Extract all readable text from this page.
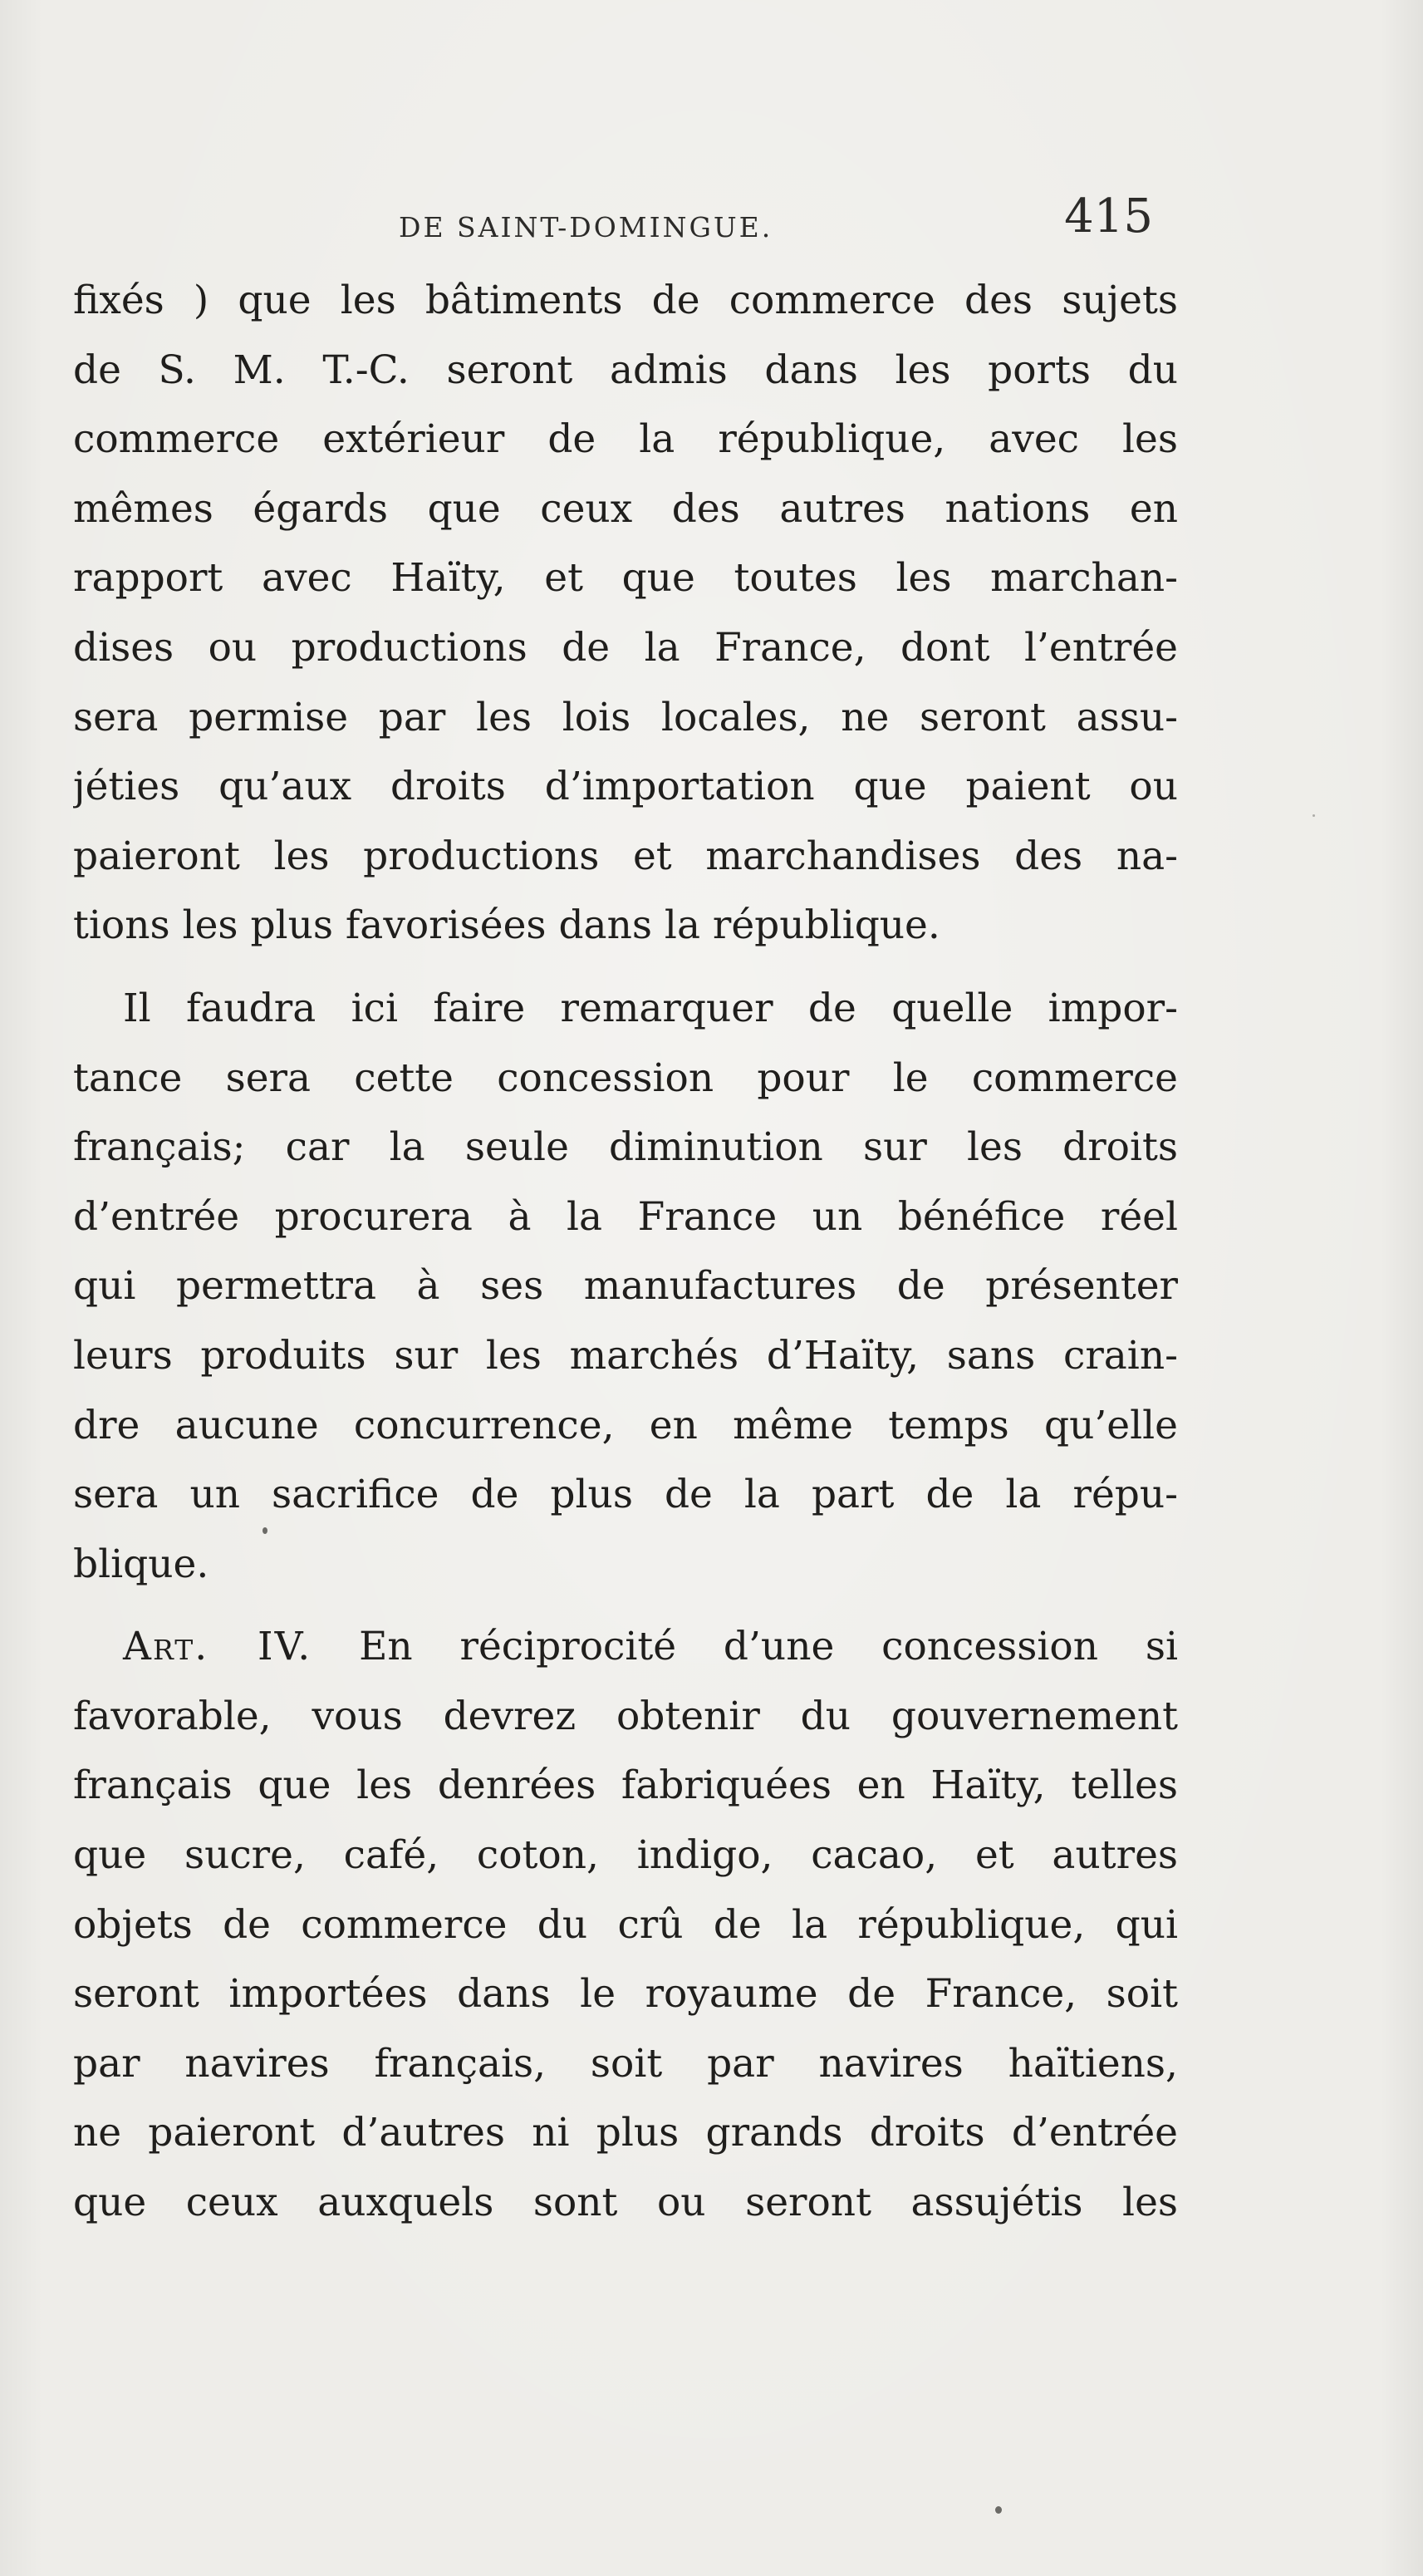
DE SAINT-DOMINGUE.	415
fixés ) que les bâtiments de commerce des sujets
de S. M. T.-C. seront admis dans les ports du
commerce extérieur de la république, avec les
mêmes égards que ceux des autres nations en
rapport avec Haïty, et que toutes les marchan-
dises ou productions de la France, dont l’entrée
sera permise par les lois locales, ne seront assu-
jéties qu’aux droits d’importation que paient ou
paieront les productions et marchandises des na-
tions les plus favorisées dans la république.
Il faudra ici faire remarquer de quelle impor-
tance sera cette concession pour le commerce
français; car la seule diminution sur les droits
d’entrée procurera à la France un bénéfice réel
qui permettra à ses manufactures de présenter
leurs produits sur les marchés d’Haïty, sans crain-
dre aucune concurrence, en même temps qu’elle
sera un sacrifice de plus de la part de la répu-
blique.
Art. IV. En réciprocité d’une concession si
favorable, vous devrez obtenir du gouvernement
français que les denrées fabriquées en Haïty, telles
que sucre, café, coton, indigo, cacao, et autres
objets de commerce du crû de la république, qui
seront importées dans le royaume de France, soit
par navires français, soit par navires haïtiens,
ne paieront d’autres ni plus grands droits d’entrée
que ceux auxquels sont ou seront assujétis les
